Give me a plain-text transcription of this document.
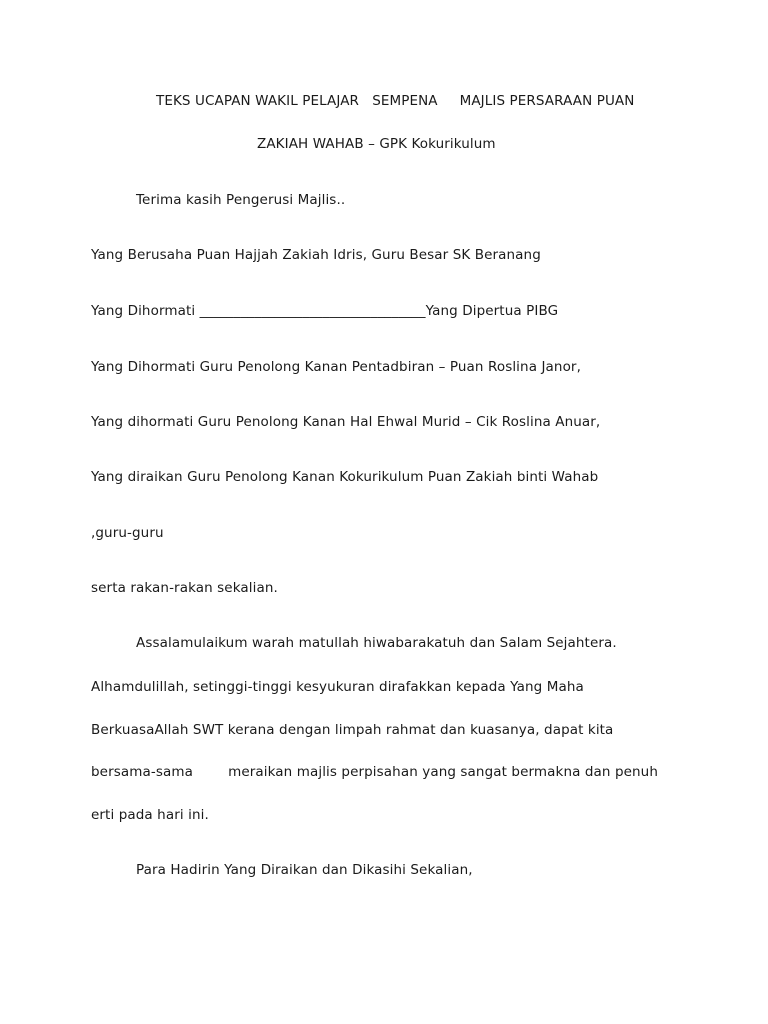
TEKS UCAPAN WAKIL PELAJAR   SEMPENA     MAJLIS PERSARAAN PUAN
ZAKIAH WAHAB – GPK Kokurikulum
Terima kasih Pengerusi Majlis..
Yang Berusaha Puan Hajjah Zakiah Idris, Guru Besar SK Beranang
Yang Dihormati _________________________________Yang Dipertua PIBG
Yang Dihormati Guru Penolong Kanan Pentadbiran – Puan Roslina Janor,
Yang dihormati Guru Penolong Kanan Hal Ehwal Murid – Cik Roslina Anuar,
Yang diraikan Guru Penolong Kanan Kokurikulum Puan Zakiah binti Wahab
,guru-guru
serta rakan-rakan sekalian.
Assalamulaikum warah matullah hiwabarakatuh dan Salam Sejahtera.
Alhamdulillah, setinggi-tinggi kesyukuran dirafakkan kepada Yang Maha
BerkuasaAllah SWT kerana dengan limpah rahmat dan kuasanya, dapat kita
bersama-sama        meraikan majlis perpisahan yang sangat bermakna dan penuh
erti pada hari ini.
Para Hadirin Yang Diraikan dan Dikasihi Sekalian,
